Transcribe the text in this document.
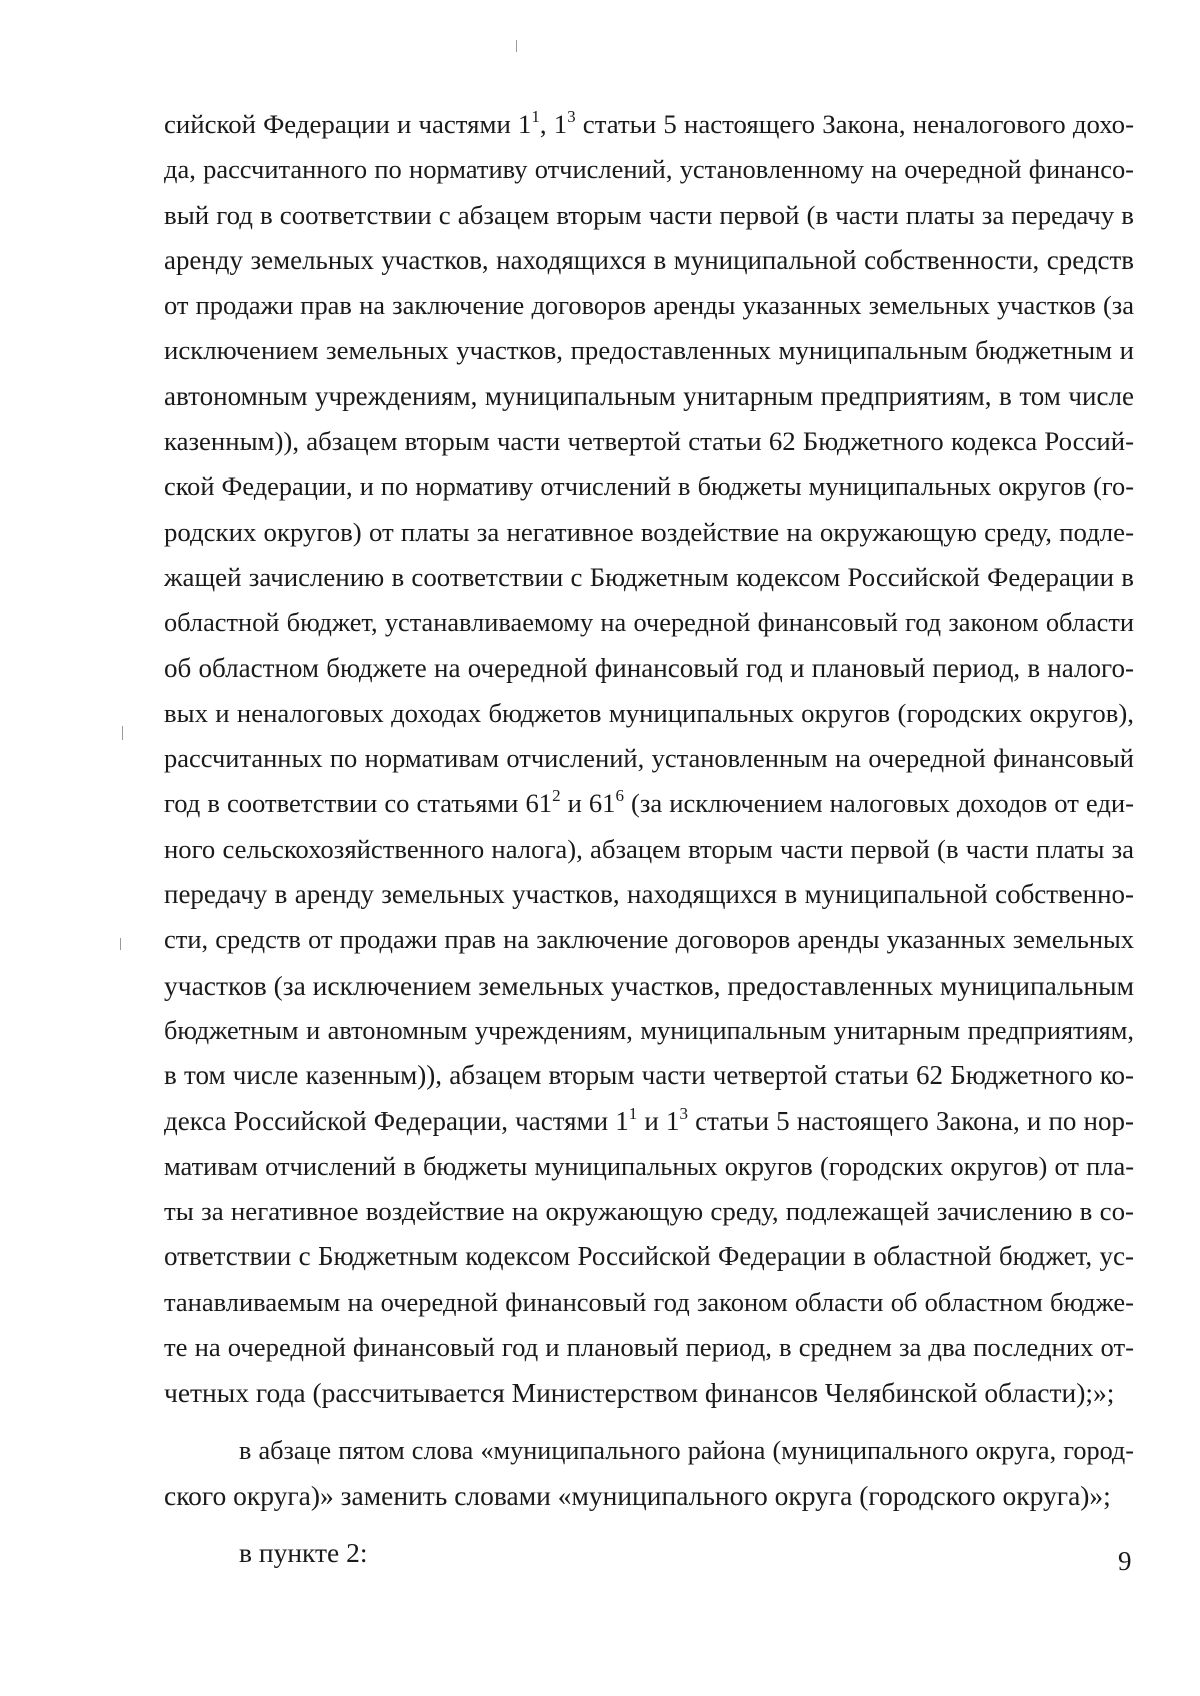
сийской Федерации и частями $1^1$, $1^3$ статьи 5 настоящего Закона, неналогового дохо-
да, рассчитанного по нормативу отчислений, установленному на очередной финансо-
вый год в соответствии с абзацем вторым части первой (в части платы за передачу в
аренду земельных участков, находящихся в муниципальной собственности, средств
от продажи прав на заключение договоров аренды указанных земельных участков (за
исключением земельных участков, предоставленных муниципальным бюджетным и
автономным учреждениям, муниципальным унитарным предприятиям, в том числе
казенным)), абзацем вторым части четвертой статьи 62 Бюджетного кодекса Россий-
ской Федерации, и по нормативу отчислений в бюджеты муниципальных округов (го-
родских округов) от платы за негативное воздействие на окружающую среду, подле-
жащей зачислению в соответствии с Бюджетным кодексом Российской Федерации в
областной бюджет, устанавливаемому на очередной финансовый год законом области
об областном бюджете на очередной финансовый год и плановый период, в налого-
вых и неналоговых доходах бюджетов муниципальных округов (городских округов),
рассчитанных по нормативам отчислений, установленным на очередной финансовый
год в соответствии со статьями $61^2$ и $61^6$ (за исключением налоговых доходов от еди-
ного сельскохозяйственного налога), абзацем вторым части первой (в части платы за
передачу в аренду земельных участков, находящихся в муниципальной собственно-
сти, средств от продажи прав на заключение договоров аренды указанных земельных
участков (за исключением земельных участков, предоставленных муниципальным
бюджетным и автономным учреждениям, муниципальным унитарным предприятиям,
в том числе казенным)), абзацем вторым части четвертой статьи 62 Бюджетного ко-
декса Российской Федерации, частями $1^1$ и $1^3$ статьи 5 настоящего Закона, и по нор-
мативам отчислений в бюджеты муниципальных округов (городских округов) от пла-
ты за негативное воздействие на окружающую среду, подлежащей зачислению в со-
ответствии с Бюджетным кодексом Российской Федерации в областной бюджет, ус-
танавливаемым на очередной финансовый год законом области об областном бюдже-
те на очередной финансовый год и плановый период, в среднем за два последних от-
четных года (рассчитывается Министерством финансов Челябинской области);»;
в абзаце пятом слова «муниципального района (муниципального округа, город-
ского округа)» заменить словами «муниципального округа (городского округа)»;
в пункте 2:	9
